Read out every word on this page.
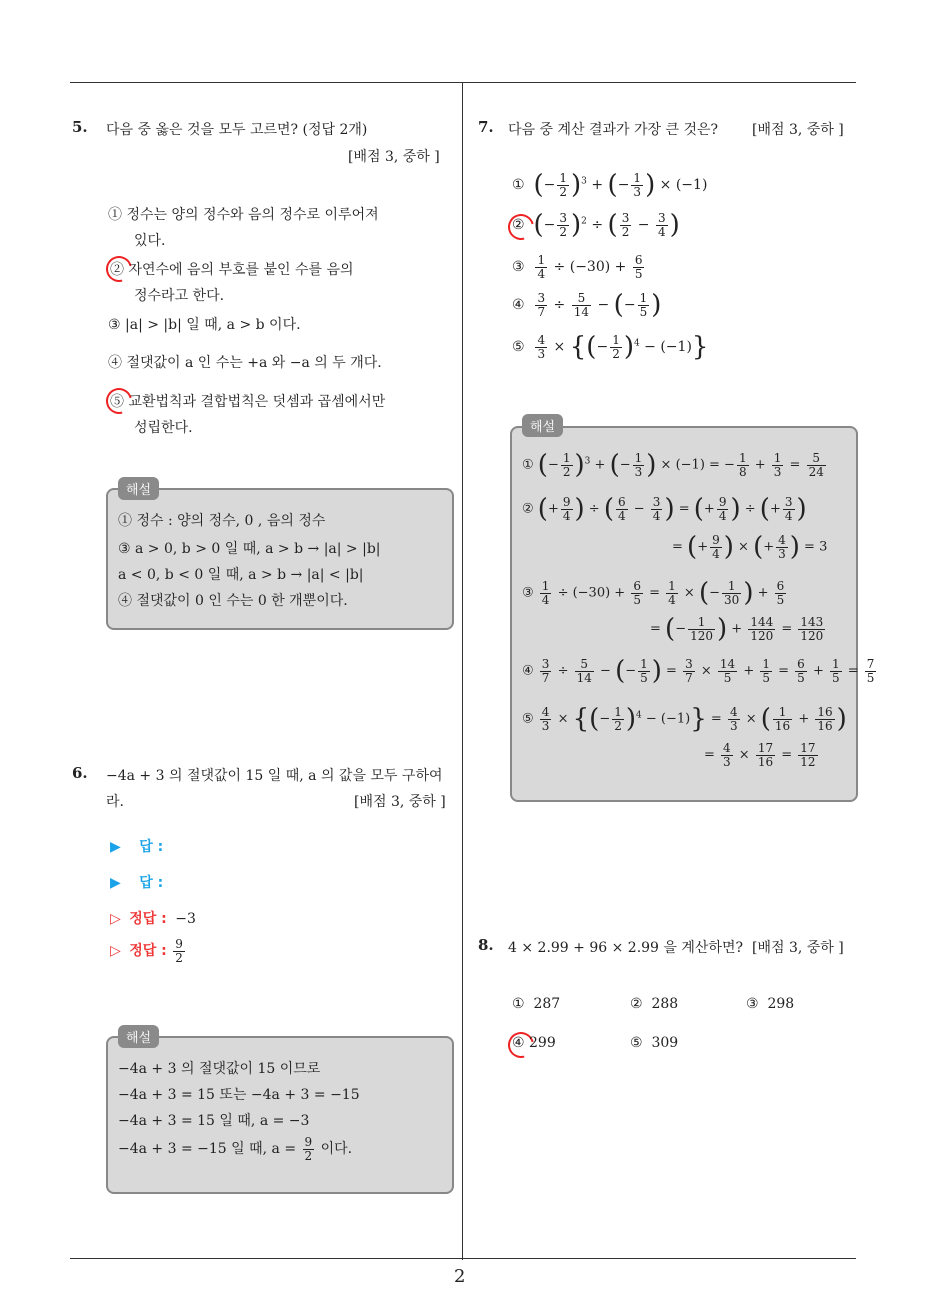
2
5. 다음 중 옳은 것을 모두 고르면? (정답 2개)
[배점 3, 중하 ]
① 정수는 양의 정수와 음의 정수로 이루어져
있다.
② 자연수에 음의 부호를 붙인 수를 음의
정수라고 한다.
③ |a| > |b| 일 때, a > b 이다.
④ 절댓값이 a 인 수는 +a 와 −a 의 두 개다.
⑤ 교환법칙과 결합법칙은 덧셈과 곱셈에서만
성립한다.
해설
① 정수 : 양의 정수, 0 , 음의 정수
③ a > 0, b > 0 일 때, a > b → |a| > |b|
a < 0, b < 0 일 때, a > b → |a| < |b|
④ 절댓값이 0 인 수는 0 한 개뿐이다.
6. −4a + 3 의 절댓값이 15 일 때, a 의 값을 모두 구하여
라.	[배점 3, 중하 ]
▶ 답 :
▶ 답 :
▷ 정답 : −3
▷ 정답 : $\frac{9}{2}$
해설
−4a + 3 의 절댓값이 15 이므로
−4a + 3 = 15 또는 −4a + 3 = −15
−4a + 3 = 15 일 때, a = −3
−4a + 3 = −15 일 때, $a = \frac{9}{2}$ 이다.
7. 다음 중 계산 결과가 가장 큰 것은? [배점 3, 중하 ]
① (− $\frac{1}{2} )^3$ + (− $\frac{1}{3}$ ) × (−1)
② (− $\frac{3}{2} )^2$ ÷ ( $\frac{3}{2} - \frac{3}{4}$ )
③ $\frac{1}{4} \div (-30) + \frac{6}{5}$
④ $\frac{3}{7} \div \frac{5}{14}$ − (− $\frac{1}{5}$ )
⑤ $\frac{4}{3}$ × {(− $\frac{1}{2} )^4 - (-1)$}
해설
① (− $\frac{1}{2} )^3$ + (− $\frac{1}{3}$ ) × (−1) = − $\frac{1}{8} + \frac{1}{3} = \frac{5}{24}$
② (+ $\frac{9}{4}$ ) ÷ ( $\frac{6}{4} - \frac{3}{4}$ ) = (+ $\frac{9}{4}$ ) ÷ (+ $\frac{3}{4}$ )
= (+ $\frac{9}{4}$ ) × (+ $\frac{4}{3}$ ) = 3
③ $\frac{1}{4} \div (-30) + \frac{6}{5} = \frac{1}{4}$ × (− $\frac{1}{30}$ ) + $\frac{6}{5}$
= (− $\frac{1}{120}$ ) + $\frac{144}{120} = \frac{143}{120}$
④ $\frac{3}{7} \div \frac{5}{14}$ − (− $\frac{1}{5}$ ) = $\frac{3}{7} \times \frac{14}{5} + \frac{1}{5} = \frac{6}{5} + \frac{1}{5} = \frac{7}{5}$
⑤ $\frac{4}{3}$ × {(− $\frac{1}{2} )^4 - (-1)\} = \frac{4}{3}$ × ( $\frac{1}{16} + \frac{16}{16}$ )
= $\frac{4}{3} \times \frac{17}{16} = \frac{17}{12}$
8. 4 × 2.99 + 96 × 2.99 을 계산하면? [배점 3, 중하 ]
① 287	② 288	③ 298
④ 299	⑤ 309
